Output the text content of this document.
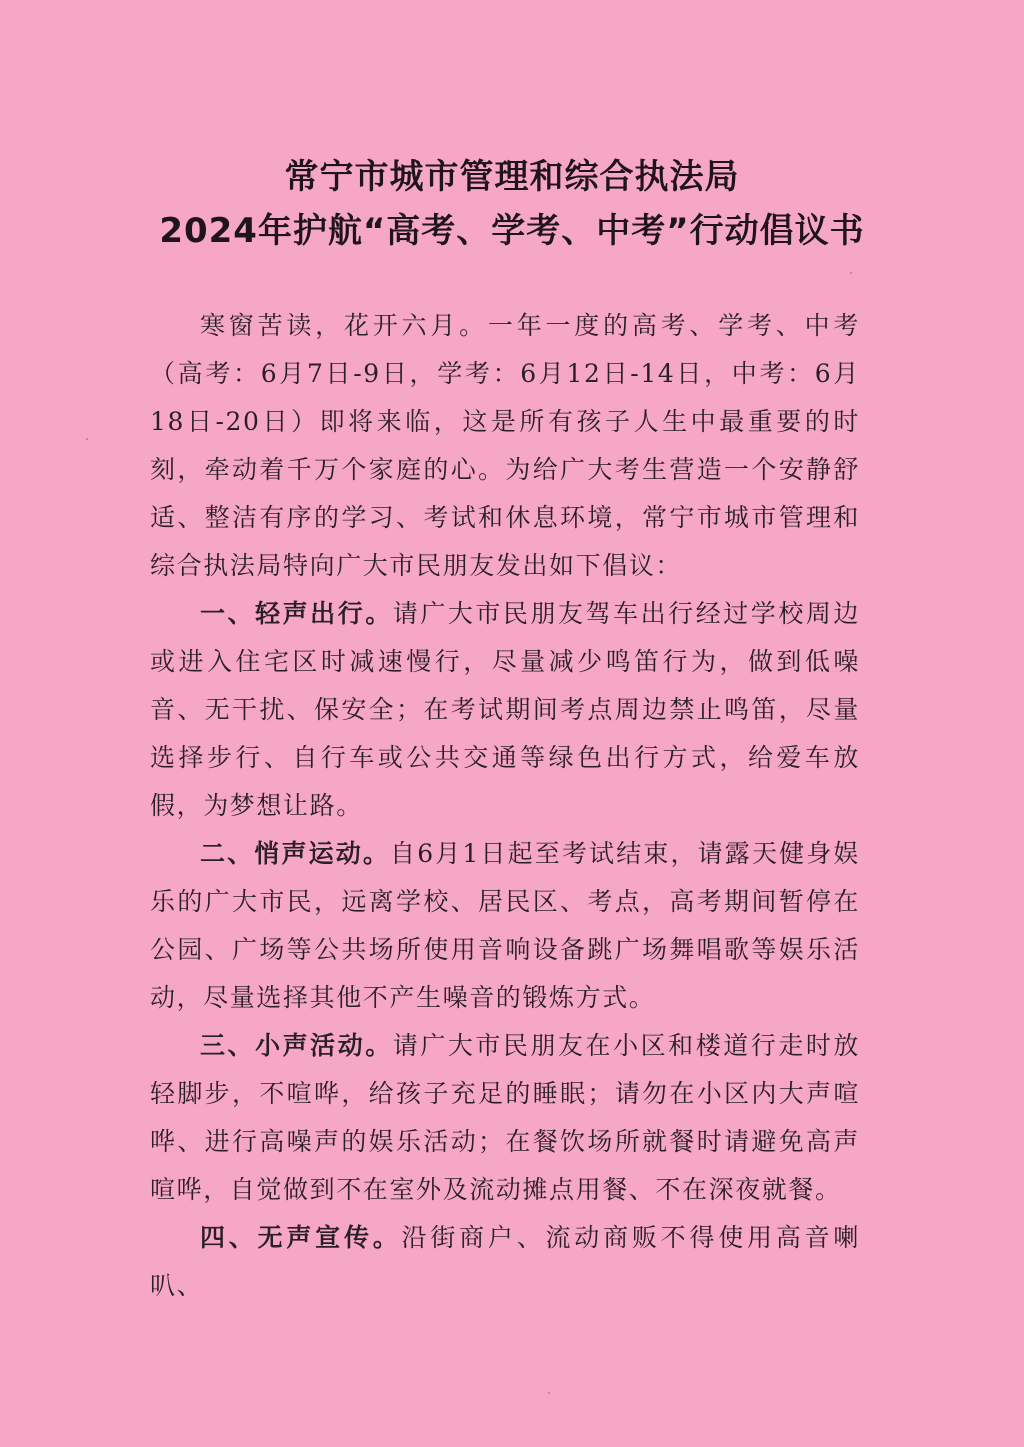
常宁市城市管理和综合执法局
2024年护航“高考、学考、中考”行动倡议书

寒窗苦读，花开六月。一年一度的高考、学考、中考（高考：6月7日-9日，学考：6月12日-14日，中考：6月18日-20日）即将来临，这是所有孩子人生中最重要的时刻，牵动着千万个家庭的心。为给广大考生营造一个安静舒适、整洁有序的学习、考试和休息环境，常宁市城市管理和综合执法局特向广大市民朋友发出如下倡议：

一、轻声出行。请广大市民朋友驾车出行经过学校周边或进入住宅区时减速慢行，尽量减少鸣笛行为，做到低噪音、无干扰、保安全；在考试期间考点周边禁止鸣笛，尽量选择步行、自行车或公共交通等绿色出行方式，给爱车放假，为梦想让路。

二、悄声运动。自6月1日起至考试结束，请露天健身娱乐的广大市民，远离学校、居民区、考点，高考期间暂停在公园、广场等公共场所使用音响设备跳广场舞唱歌等娱乐活动，尽量选择其他不产生噪音的锻炼方式。

三、小声活动。请广大市民朋友在小区和楼道行走时放轻脚步，不喧哗，给孩子充足的睡眠；请勿在小区内大声喧哗、进行高噪声的娱乐活动；在餐饮场所就餐时请避免高声喧哗，自觉做到不在室外及流动摊点用餐、不在深夜就餐。

四、无声宣传。沿街商户、流动商贩不得使用高音喇叭、
